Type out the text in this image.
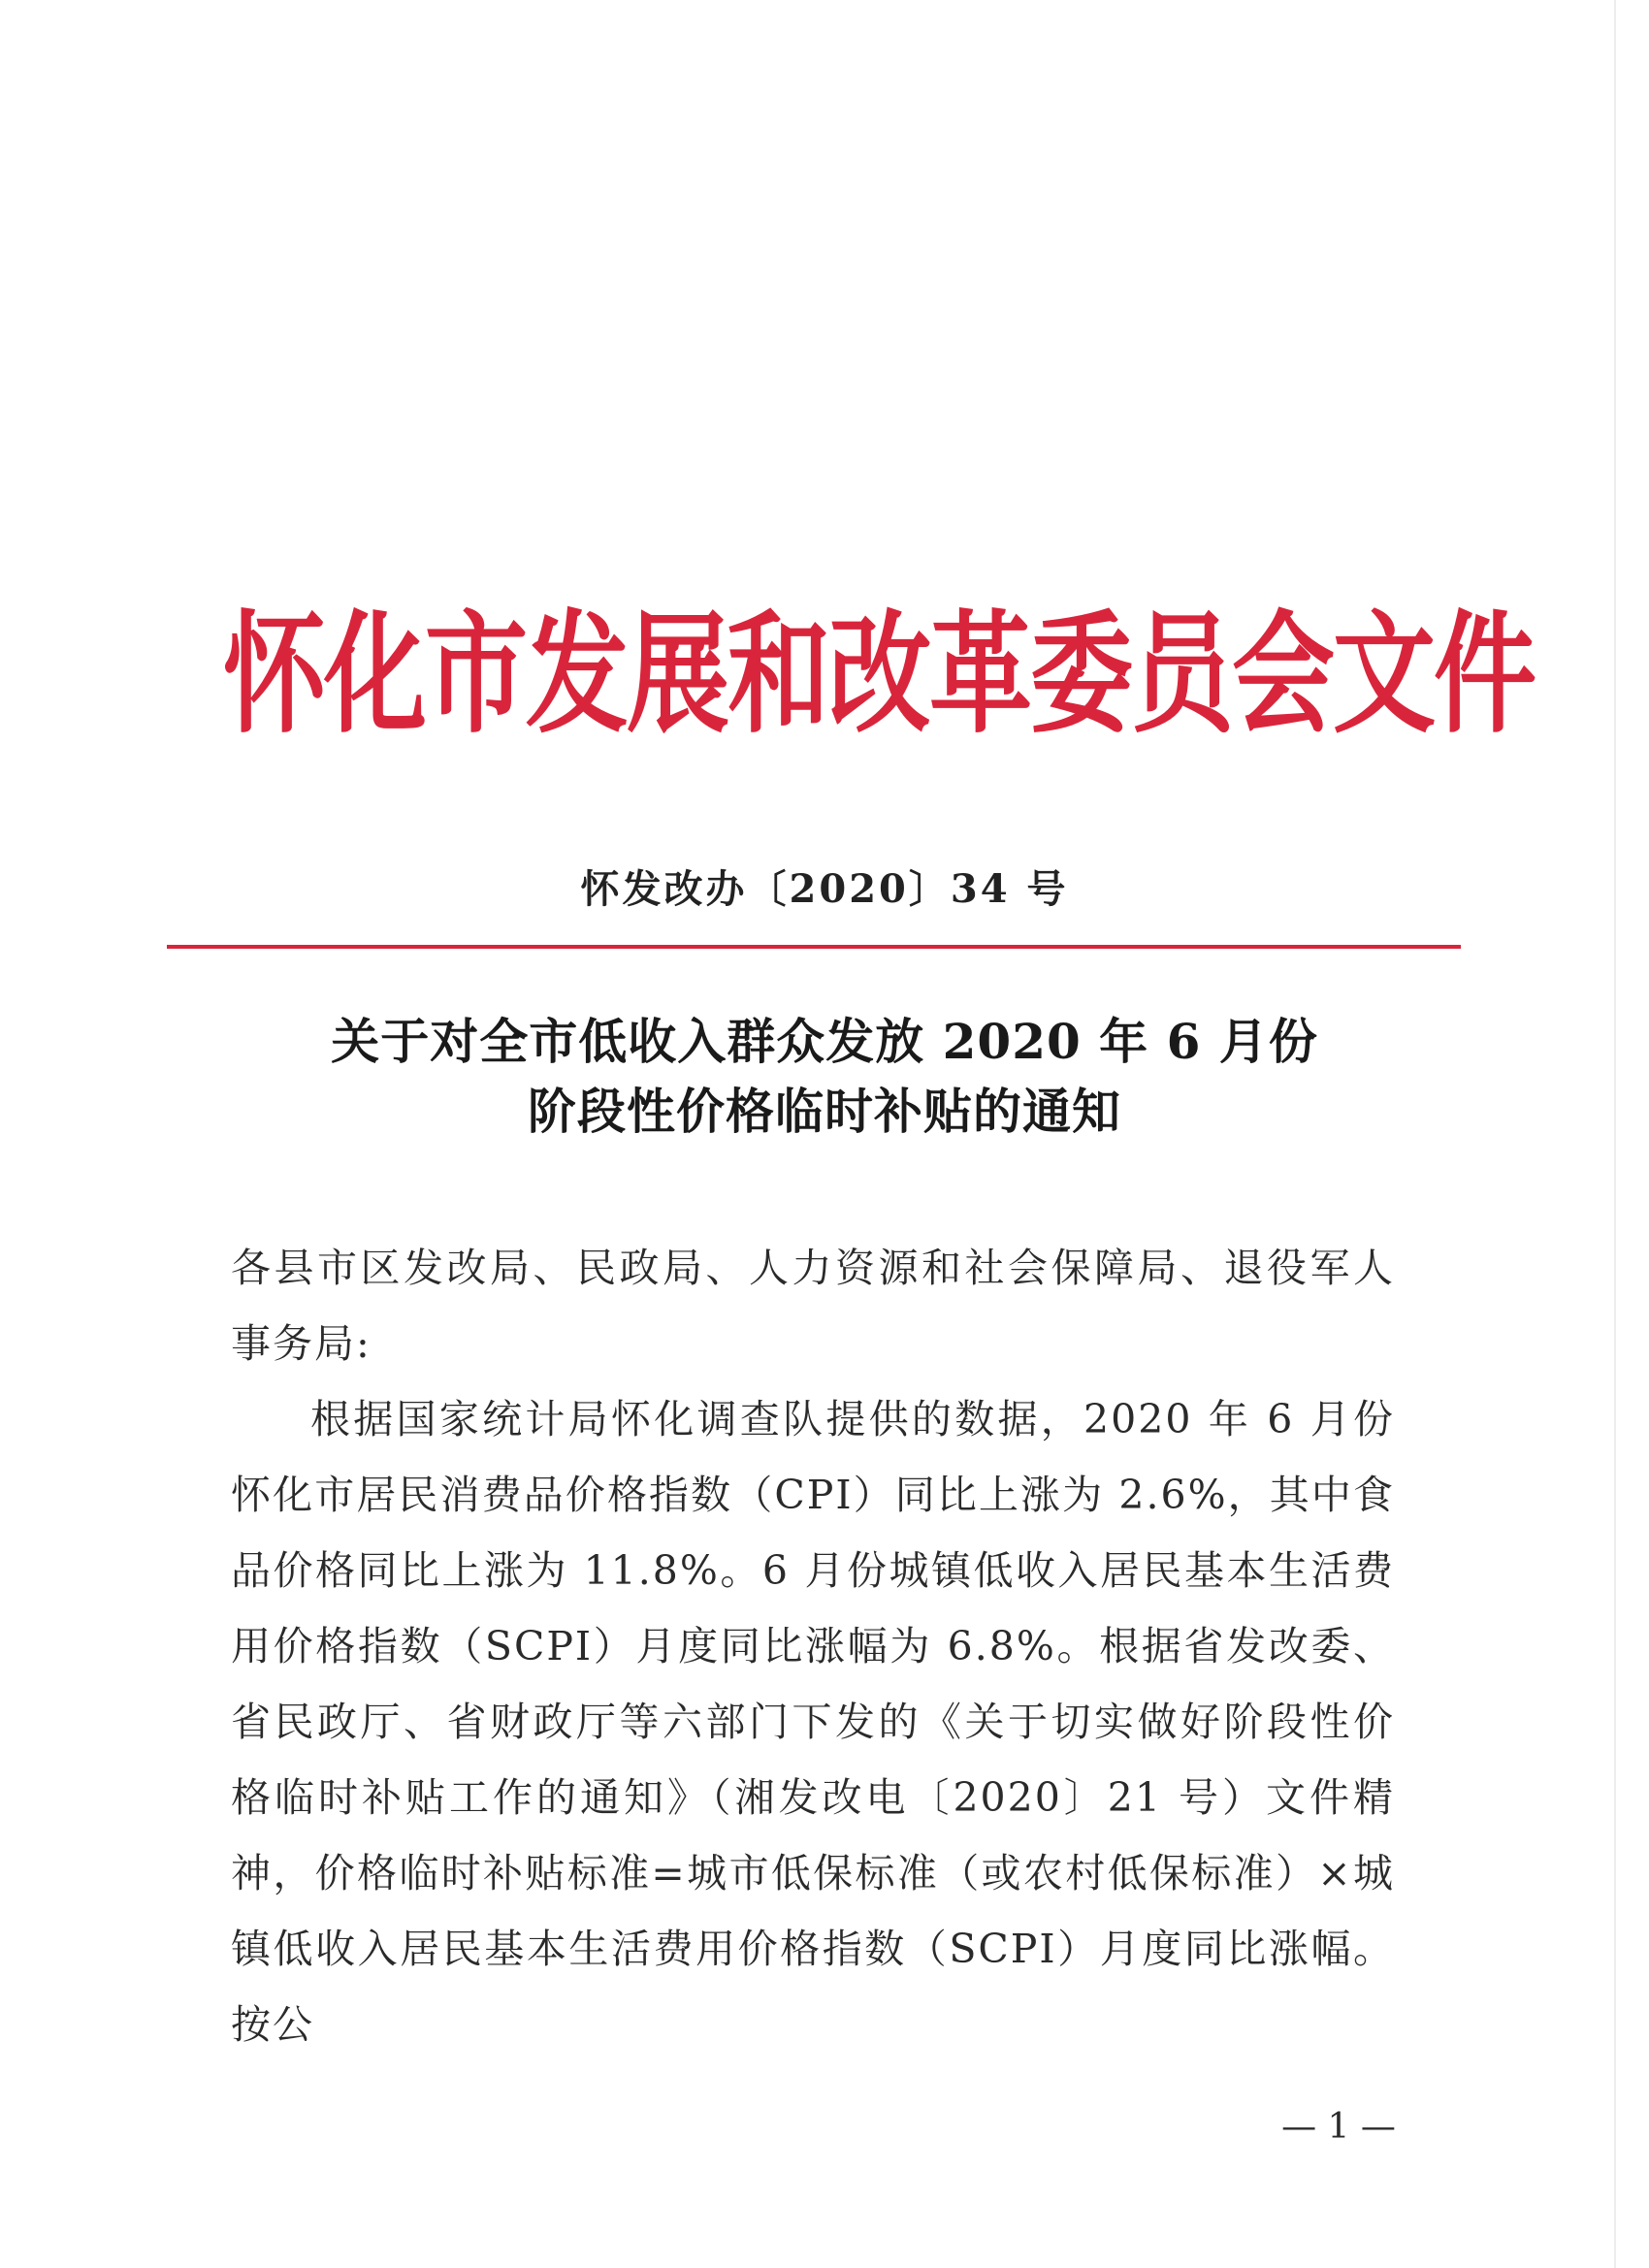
怀化市发展和改革委员会文件
怀发改办〔2020〕34 号
关于对全市低收入群众发放 2020 年 6 月份
阶段性价格临时补贴的通知

各县市区发改局、民政局、人力资源和社会保障局、退役军人事务局:

根据国家统计局怀化调查队提供的数据，2020 年 6 月份怀化市居民消费品价格指数（CPI）同比上涨为 2.6%，其中食品价格同比上涨为 11.8%。6 月份城镇低收入居民基本生活费用价格指数（SCPI）月度同比涨幅为 6.8%。根据省发改委、省民政厅、省财政厅等六部门下发的《关于切实做好阶段性价格临时补贴工作的通知》（湘发改电〔2020〕21 号）文件精神，价格临时补贴标准=城市低保标准（或农村低保标准）×城镇低收入居民基本生活费用价格指数（SCPI）月度同比涨幅。按公

— 1 —
